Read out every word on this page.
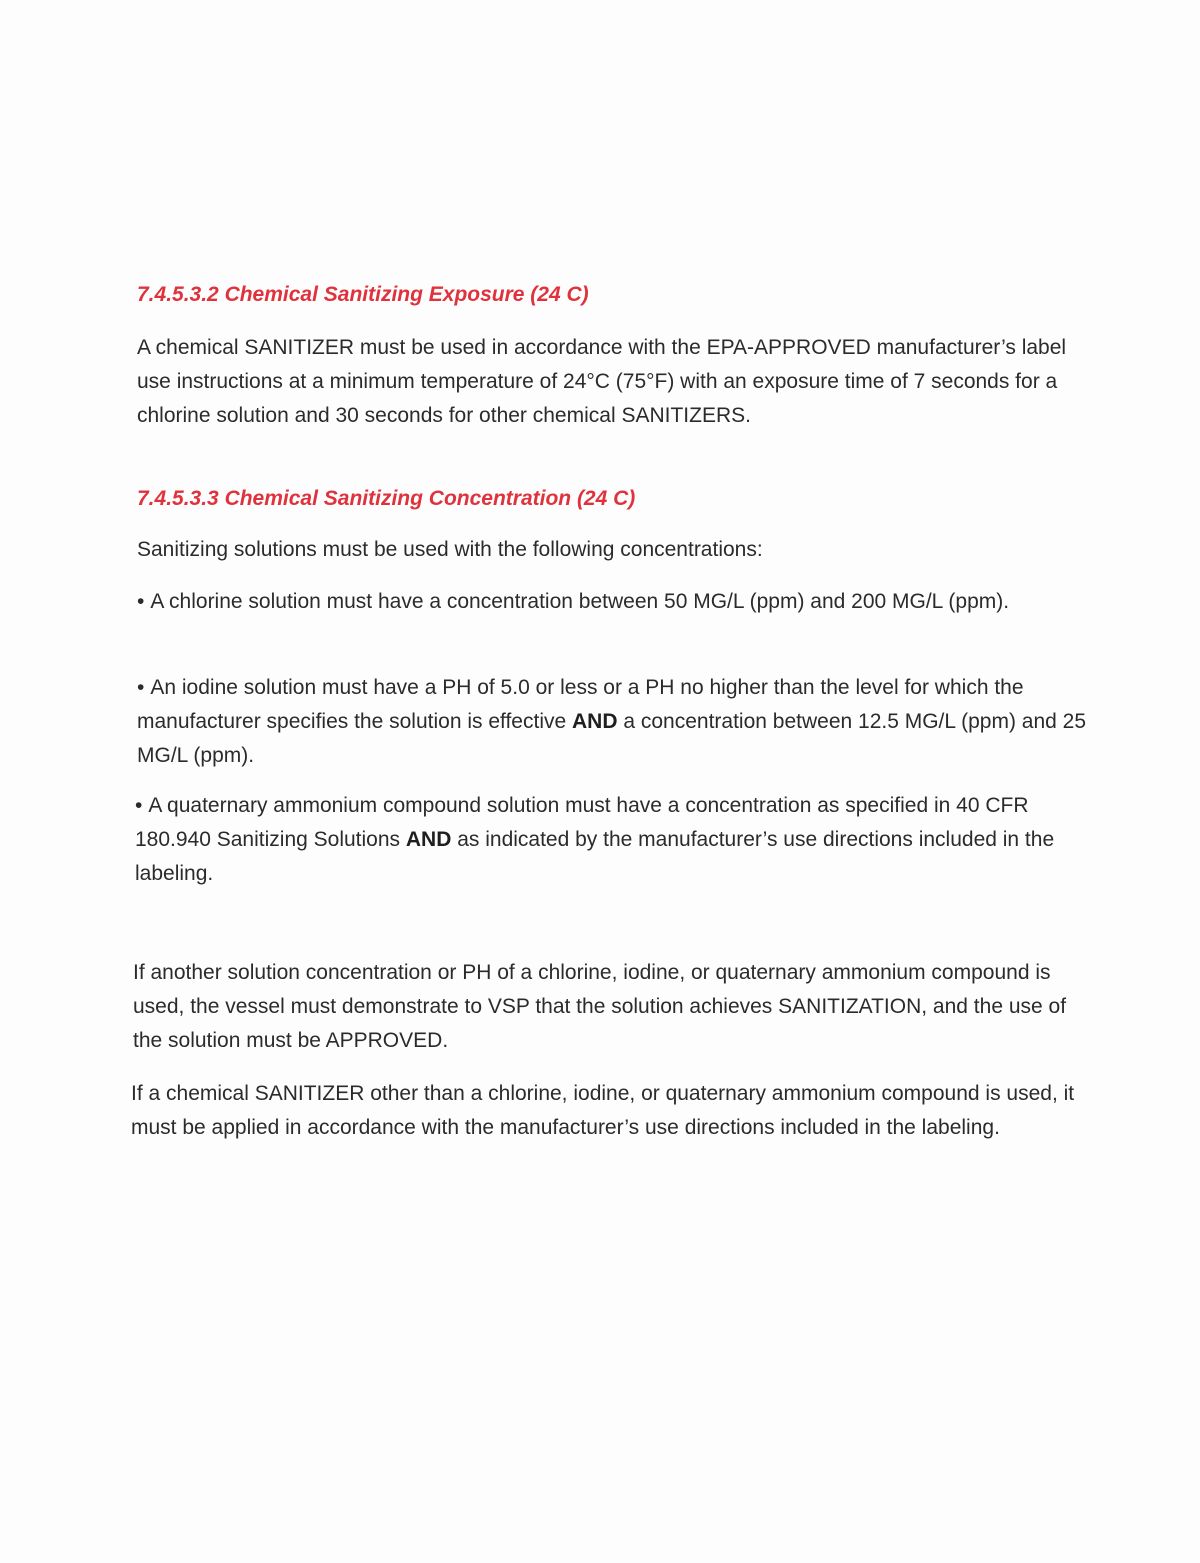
7.4.5.3.2 Chemical Sanitizing Exposure (24 C)

A chemical SANITIZER must be used in accordance with the EPA-APPROVED manufacturer’s label use instructions at a minimum temperature of 24°C (75°F) with an exposure time of 7 seconds for a chlorine solution and 30 seconds for other chemical SANITIZERS.

7.4.5.3.3 Chemical Sanitizing Concentration (24 C)

Sanitizing solutions must be used with the following concentrations:

• A chlorine solution must have a concentration between 50 MG/L (ppm) and 200 MG/L (ppm).

• An iodine solution must have a PH of 5.0 or less or a PH no higher than the level for which the manufacturer specifies the solution is effective AND a concentration between 12.5 MG/L (ppm) and 25 MG/L (ppm).

• A quaternary ammonium compound solution must have a concentration as specified in 40 CFR 180.940 Sanitizing Solutions AND as indicated by the manufacturer’s use directions included in the labeling.

If another solution concentration or PH of a chlorine, iodine, or quaternary ammonium compound is used, the vessel must demonstrate to VSP that the solution achieves SANITIZATION, and the use of the solution must be APPROVED.

If a chemical SANITIZER other than a chlorine, iodine, or quaternary ammonium compound is used, it must be applied in accordance with the manufacturer’s use directions included in the labeling.
